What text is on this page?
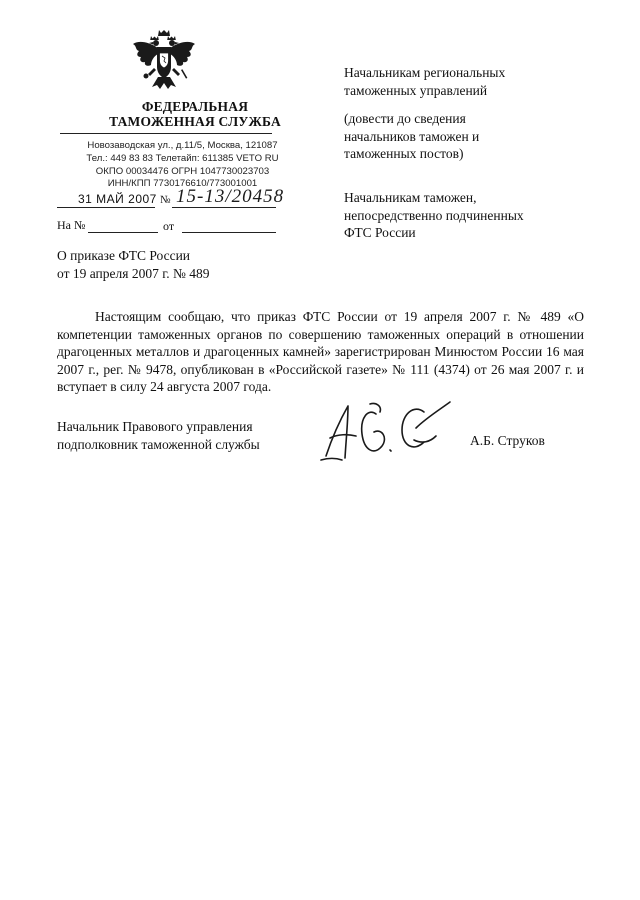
ФЕДЕРАЛЬНАЯ
ТАМОЖЕННАЯ СЛУЖБА
Новозаводская ул., д.11/5, Москва, 121087
Тел.: 449 83 83 Телетайп: 611385 VETO RU
ОКПО 00034476 ОГРН 1047730023703
ИНН/КПП 7730176610/773001001
31 МАЙ 2007 № 15-13/20458
На №	от
Начальникам региональных
таможенных управлений
(довести до сведения
начальников таможен и
таможенных постов)
Начальникам таможен,
непосредственно подчиненных
ФТС России
О приказе ФТС России
от 19 апреля 2007 г. № 489
Настоящим сообщаю, что приказ ФТС России от 19 апреля 2007 г. № 489 «О компетенции таможенных органов по совершению таможенных операций в отношении драгоценных металлов и драгоценных камней» зарегистрирован Минюстом России 16 мая 2007 г., рег. № 9478, опубликован в «Российской газете» № 111 (4374) от 26 мая 2007 г. и вступает в силу 24 августа 2007 года.
Начальник Правового управления
подполковник таможенной службы	А.Б. Струков
